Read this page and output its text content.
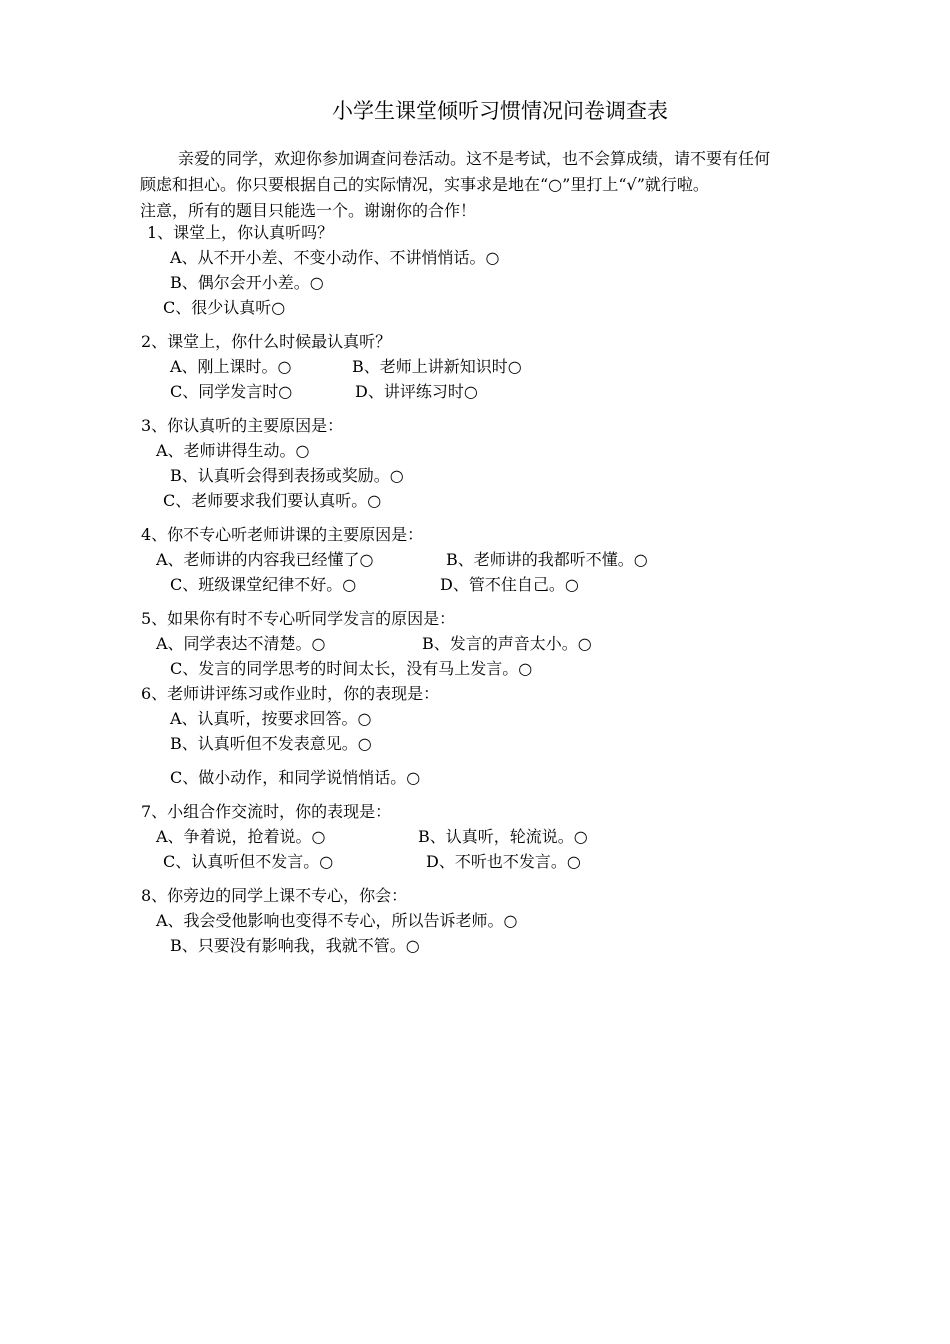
小学生课堂倾听习惯情况问卷调查表

亲爱的同学，欢迎你参加调查问卷活动。这不是考试，也不会算成绩，请不要有任何

顾虑和担心。你只要根据自己的实际情况，实事求是地在“○”里打上“√”就行啦。

注意，所有的题目只能选一个。谢谢你的合作！

1、课堂上，你认真听吗？
A、从不开小差、不变小动作、不讲悄悄话。○
B、偶尔会开小差。○
C、很少认真听○
2、课堂上，你什么时候最认真听？
A、刚上课时。○	B、老师上讲新知识时○
C、同学发言时○	D、讲评练习时○
3、你认真听的主要原因是：
A、老师讲得生动。○
B、认真听会得到表扬或奖励。○
C、老师要求我们要认真听。○
4、你不专心听老师讲课的主要原因是：
A、老师讲的内容我已经懂了○	B、老师讲的我都听不懂。○
C、班级课堂纪律不好。○	D、管不住自己。○
5、如果你有时不专心听同学发言的原因是：
A、同学表达不清楚。○	B、发言的声音太小。○
C、发言的同学思考的时间太长，没有马上发言。○
6、老师讲评练习或作业时，你的表现是：
A、认真听，按要求回答。○
B、认真听但不发表意见。○
C、做小动作，和同学说悄悄话。○
7、小组合作交流时，你的表现是：
A、争着说，抢着说。○	B、认真听，轮流说。○
C、认真听但不发言。○	D、不听也不发言。○
8、你旁边的同学上课不专心，你会：
A、我会受他影响也变得不专心，所以告诉老师。○
B、只要没有影响我，我就不管。○
